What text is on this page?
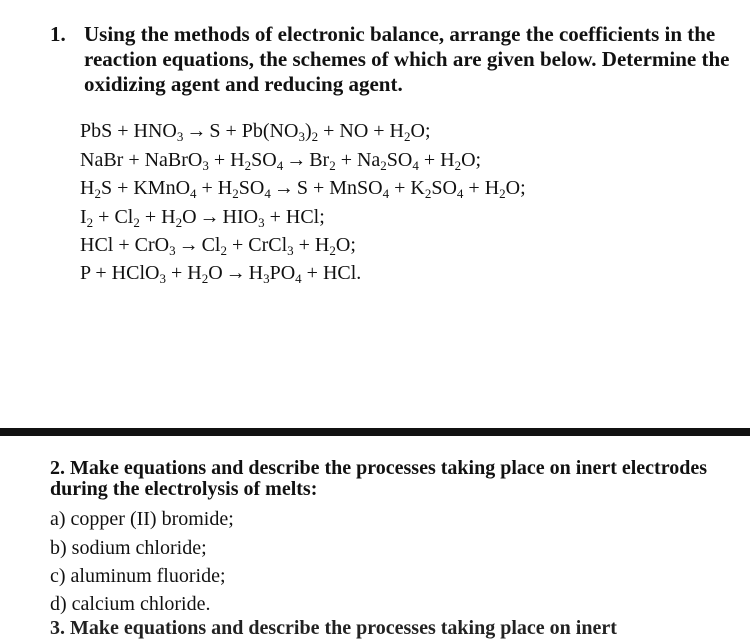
1. Using the methods of electronic balance, arrange the coefficients in the reaction equations, the schemes of which are given below. Determine the oxidizing agent and reducing agent.
PbS + $HNO_3 \to S + Pb(NO_3)_2$ + NO + $H_2O$;
NaBr + NaBrO$_3$ + $H_2SO_4 \to Br_2 + Na_2SO_4 + H_2O$;
$H_2S$ + KMnO$_4$ + $H_2SO_4 \to S$ + MnSO$_4$ + $K_2SO_4 + H_2O$;
$I_2 + Cl_2 + H_2O \to HIO_3$ + HCl;
HCl + $CrO_3 \to Cl_2$ + CrCl$_3$ + $H_2O$;
P + HClO$_3$ + $H_2O \to H_3PO_4$ + HCl.
2. Make equations and describe the processes taking place on inert electrodes during the electrolysis of melts:
a) copper (II) bromide;
b) sodium chloride;
c) aluminum fluoride;
d) calcium chloride.
3. Make equations and describe the processes taking place on inert
